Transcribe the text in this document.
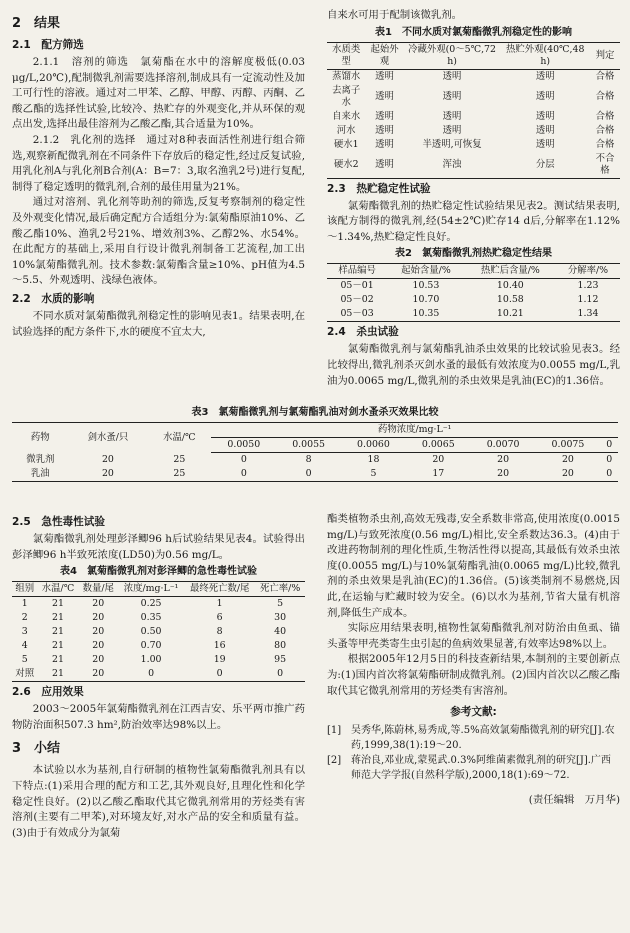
2　结果
2.1　配方筛选

2.1.1　溶剂的筛选　氯菊酯在水中的溶解度极低(0.03 μg/L,20℃),配制微乳剂需要选择溶剂,制成具有一定流动性及加工可行性的溶液。通过对二甲苯、乙醇、甲醇、丙醇、丙酮、乙酸乙酯的选择性试验,比较冷、热贮存的外观变化,并从环保的观点出发,选择出最佳溶剂为乙酸乙酯,其合适量为10%。

2.1.2　乳化剂的选择　通过对8种表面活性剂进行组合筛选,观察新配微乳剂在不同条件下存放后的稳定性,经过反复试验,用乳化剂A与乳化剂B合剂(A：B=7：3,取名渔乳2号)进行复配,制得了稳定透明的微乳剂,合剂的最佳用量为21%。

通过对溶剂、乳化剂等助剂的筛选,反复考察制剂的稳定性及外观变化情况,最后确定配方合适组分为:氯菊酯原油10%、乙酸乙酯10%、渔乳2号21%、增效剂3%、乙醇2%、水54%。在此配方的基础上,采用自行设计微乳剂制备工艺流程,加工出10%氯菊酯微乳剂。技术参数:氯菊酯含量≥10%、pH值为4.5～5.5、外观透明、浅绿色液体。

2.2　水质的影响

不同水质对氯菊酯微乳剂稳定性的影响见表1。结果表明,在试验选择的配方条件下,水的硬度不宜太大,

自来水可用于配制该微乳剂。

表1　不同水质对氯菊酯微乳剂稳定性的影响
水质类型	起始外观	冷藏外观(0～5℃,72 h)	热贮外观(40℃,48 h)	判定
蒸馏水	透明	透明	透明	合格
去离子水	透明	透明	透明	合格
自来水	透明	透明	透明	合格
河水	透明	透明	透明	合格
硬水1	透明	半透明,可恢复	透明	合格
硬水2	透明	浑浊	分层	不合格
2.3　热贮稳定性试验

氯菊酯微乳剂的热贮稳定性试验结果见表2。测试结果表明,该配方制得的微乳剂,经(54±2℃)贮存14 d后,分解率在1.12%～1.34%,热贮稳定性良好。

表2　氯菊酯微乳剂热贮稳定性结果
样品编号	起始含量/%	热贮后含量/%	分解率/%
05－01	10.53	10.40	1.23
05－02	10.70	10.58	1.12
05－03	10.35	10.21	1.34
2.4　杀虫试验

氯菊酯微乳剂与氯菊酯乳油杀虫效果的比较试验见表3。经比较得出,微乳剂杀灭剑水蚤的最低有效浓度为0.0055 mg/L,乳油为0.0065 mg/L,微乳剂的杀虫效果是乳油(EC)的1.36倍。

表3　氯菊酯微乳剂与氯菊酯乳油对剑水蚤杀灭效果比较
药物	剑水蚤/只	水温/℃	药物浓度/mg·L⁻¹						
			0.0050	0.0055	0.0060	0.0065	0.0070	0.0075	0
微乳剂	20	25	0	8	18	20	20	20	0
乳油	20	25	0	0	5	17	20	20	0
2.5　急性毒性试验

氯菊酯微乳剂处理彭泽鲫96 h后试验结果见表4。试验得出彭泽鲫96 h半致死浓度(LD50)为0.56 mg/L。

表4　氯菊酯微乳剂对彭泽鲫的急性毒性试验
组别	水温/℃	数量/尾	浓度/mg·L⁻¹	最终死亡数/尾	死亡率/%
1	21	20	0.25	1	5
2	21	20	0.35	6	30
3	21	20	0.50	8	40
4	21	20	0.70	16	80
5	21	20	1.00	19	95
对照	21	20	0	0	0
2.6　应用效果

2003～2005年氯菊酯微乳剂在江西吉安、乐平两市推广药物防治面积507.3 hm²,防治效率达98%以上。

3　小结

本试验以水为基剂,自行研制的植物性氯菊酯微乳剂具有以下特点:(1)采用合理的配方和工艺,其外观良好,且理化性和化学稳定性良好。(2)以乙酸乙酯取代其它微乳剂常用的芳烃类有害溶剂(主要有二甲苯),对环境友好,对水产品的安全和质量有益。(3)由于有效成分为氯菊

酯类植物杀虫剂,高效无残毒,安全系数非常高,使用浓度(0.0015 mg/L)与致死浓度(0.56 mg/L)相比,安全系数达36.3。(4)由于改进药物制剂的理化性质,生物活性得以提高,其最低有效杀虫浓度(0.0055 mg/L)与10%氯菊酯乳油(0.0065 mg/L)比较,微乳剂的杀虫效果是乳油(EC)的1.36倍。(5)该类制剂不易燃烧,因此,在运输与贮藏时较为安全。(6)以水为基剂,节省大量有机溶剂,降低生产成本。

实际应用结果表明,植物性氯菊酯微乳剂对防治由鱼虱、锚头蚤等甲壳类寄生虫引起的鱼病效果显著,有效率达98%以上。

根据2005年12月5日的科技查新结果,本制剂的主要创新点为:(1)国内首次将氯菊酯研制成微乳剂。(2)国内首次以乙酸乙酯取代其它微乳剂常用的芳烃类有害溶剂。

参考文献:
[1] 吴秀华,陈蔚林,易秀成,等.5%高效氯菊酯微乳剂的研究[J].农药,1999,38(1):19～20.
[2] 蒋治良,邓业成,蒙冕武.0.3%阿维菌素微乳剂的研究[J].广西师范大学学报(自然科学版),2000,18(1):69～72.
(责任编辑　万月华)
